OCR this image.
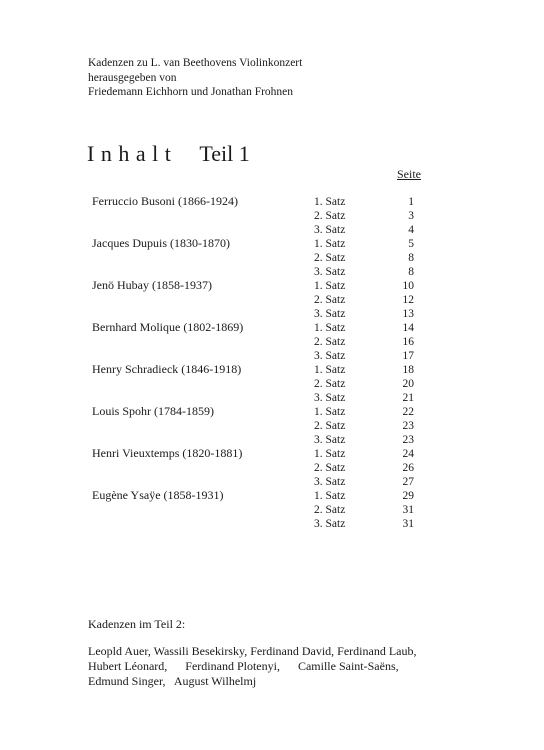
Kadenzen zu L. van Beethovens Violinkonzert
herausgegeben von
Friedemann Eichhorn und Jonathan Frohnen
Inhalt Teil 1
Seite
Ferruccio Busoni (1866-1924)	1. Satz	1
2. Satz	3
3. Satz	4
Jacques Dupuis (1830-1870)	1. Satz	5
2. Satz	8
3. Satz	8
Jenö Hubay (1858-1937)	1. Satz	10
2. Satz	12
3. Satz	13
Bernhard Molique (1802-1869)	1. Satz	14
2. Satz	16
3. Satz	17
Henry Schradieck (1846-1918)	1. Satz	18
2. Satz	20
3. Satz	21
Louis Spohr (1784-1859)	1. Satz	22
2. Satz	23
3. Satz	23
Henri Vieuxtemps (1820-1881)	1. Satz	24
2. Satz	26
3. Satz	27
Eugène Ysaÿe (1858-1931)	1. Satz	29
2. Satz	31
3. Satz	31
Kadenzen im Teil 2:
Leopld Auer, Wassili Besekirsky, Ferdinand David, Ferdinand Laub,
Hubert Léonard,      Ferdinand Plotenyi,      Camille Saint-Saëns,
Edmund Singer,   August Wilhelmj
